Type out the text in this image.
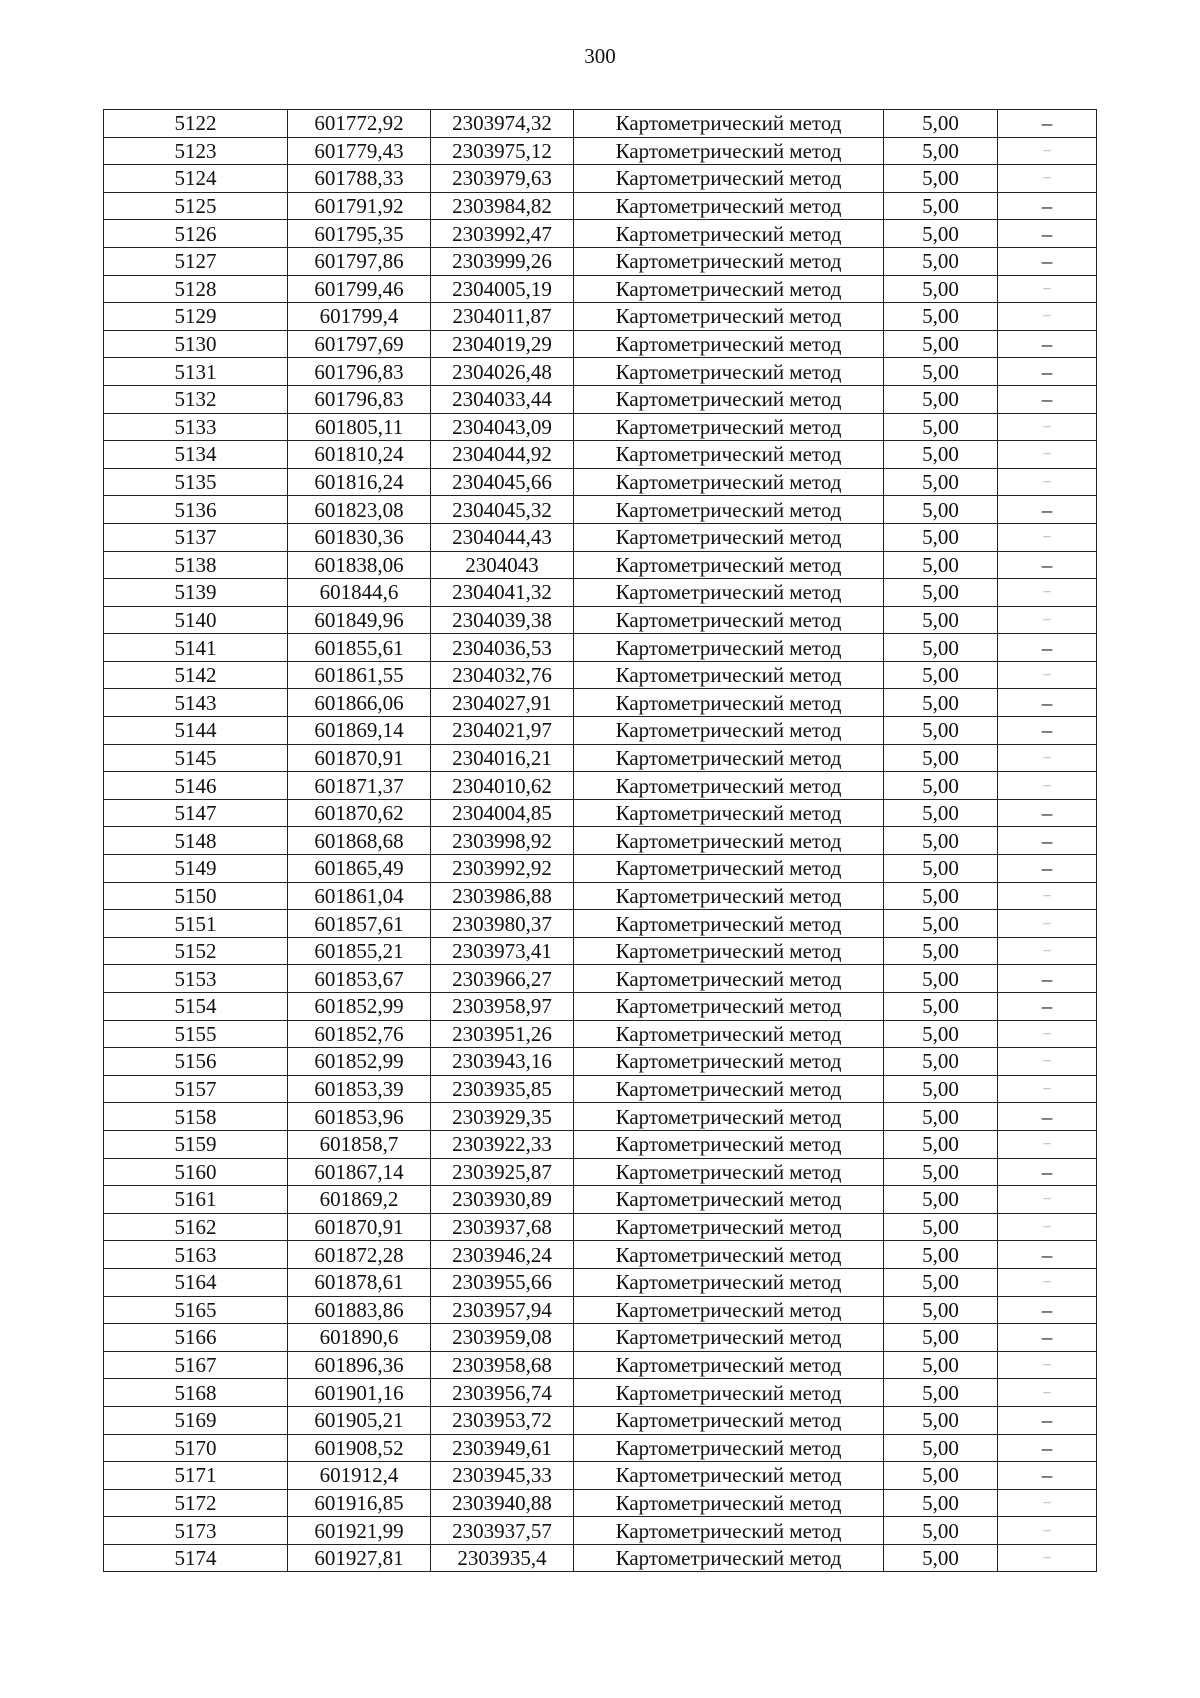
300
5122	601772,92	2303974,32	Картометрический метод	5,00	–
5123	601779,43	2303975,12	Картометрический метод	5,00	–
5124	601788,33	2303979,63	Картометрический метод	5,00	–
5125	601791,92	2303984,82	Картометрический метод	5,00	–
5126	601795,35	2303992,47	Картометрический метод	5,00	–
5127	601797,86	2303999,26	Картометрический метод	5,00	–
5128	601799,46	2304005,19	Картометрический метод	5,00	–
5129	601799,4	2304011,87	Картометрический метод	5,00	–
5130	601797,69	2304019,29	Картометрический метод	5,00	–
5131	601796,83	2304026,48	Картометрический метод	5,00	–
5132	601796,83	2304033,44	Картометрический метод	5,00	–
5133	601805,11	2304043,09	Картометрический метод	5,00	–
5134	601810,24	2304044,92	Картометрический метод	5,00	–
5135	601816,24	2304045,66	Картометрический метод	5,00	–
5136	601823,08	2304045,32	Картометрический метод	5,00	–
5137	601830,36	2304044,43	Картометрический метод	5,00	–
5138	601838,06	2304043	Картометрический метод	5,00	–
5139	601844,6	2304041,32	Картометрический метод	5,00	–
5140	601849,96	2304039,38	Картометрический метод	5,00	–
5141	601855,61	2304036,53	Картометрический метод	5,00	–
5142	601861,55	2304032,76	Картометрический метод	5,00	–
5143	601866,06	2304027,91	Картометрический метод	5,00	–
5144	601869,14	2304021,97	Картометрический метод	5,00	–
5145	601870,91	2304016,21	Картометрический метод	5,00	–
5146	601871,37	2304010,62	Картометрический метод	5,00	–
5147	601870,62	2304004,85	Картометрический метод	5,00	–
5148	601868,68	2303998,92	Картометрический метод	5,00	–
5149	601865,49	2303992,92	Картометрический метод	5,00	–
5150	601861,04	2303986,88	Картометрический метод	5,00	–
5151	601857,61	2303980,37	Картометрический метод	5,00	–
5152	601855,21	2303973,41	Картометрический метод	5,00	–
5153	601853,67	2303966,27	Картометрический метод	5,00	–
5154	601852,99	2303958,97	Картометрический метод	5,00	–
5155	601852,76	2303951,26	Картометрический метод	5,00	–
5156	601852,99	2303943,16	Картометрический метод	5,00	–
5157	601853,39	2303935,85	Картометрический метод	5,00	–
5158	601853,96	2303929,35	Картометрический метод	5,00	–
5159	601858,7	2303922,33	Картометрический метод	5,00	–
5160	601867,14	2303925,87	Картометрический метод	5,00	–
5161	601869,2	2303930,89	Картометрический метод	5,00	–
5162	601870,91	2303937,68	Картометрический метод	5,00	–
5163	601872,28	2303946,24	Картометрический метод	5,00	–
5164	601878,61	2303955,66	Картометрический метод	5,00	–
5165	601883,86	2303957,94	Картометрический метод	5,00	–
5166	601890,6	2303959,08	Картометрический метод	5,00	–
5167	601896,36	2303958,68	Картометрический метод	5,00	–
5168	601901,16	2303956,74	Картометрический метод	5,00	–
5169	601905,21	2303953,72	Картометрический метод	5,00	–
5170	601908,52	2303949,61	Картометрический метод	5,00	–
5171	601912,4	2303945,33	Картометрический метод	5,00	–
5172	601916,85	2303940,88	Картометрический метод	5,00	–
5173	601921,99	2303937,57	Картометрический метод	5,00	–
5174	601927,81	2303935,4	Картометрический метод	5,00	–
